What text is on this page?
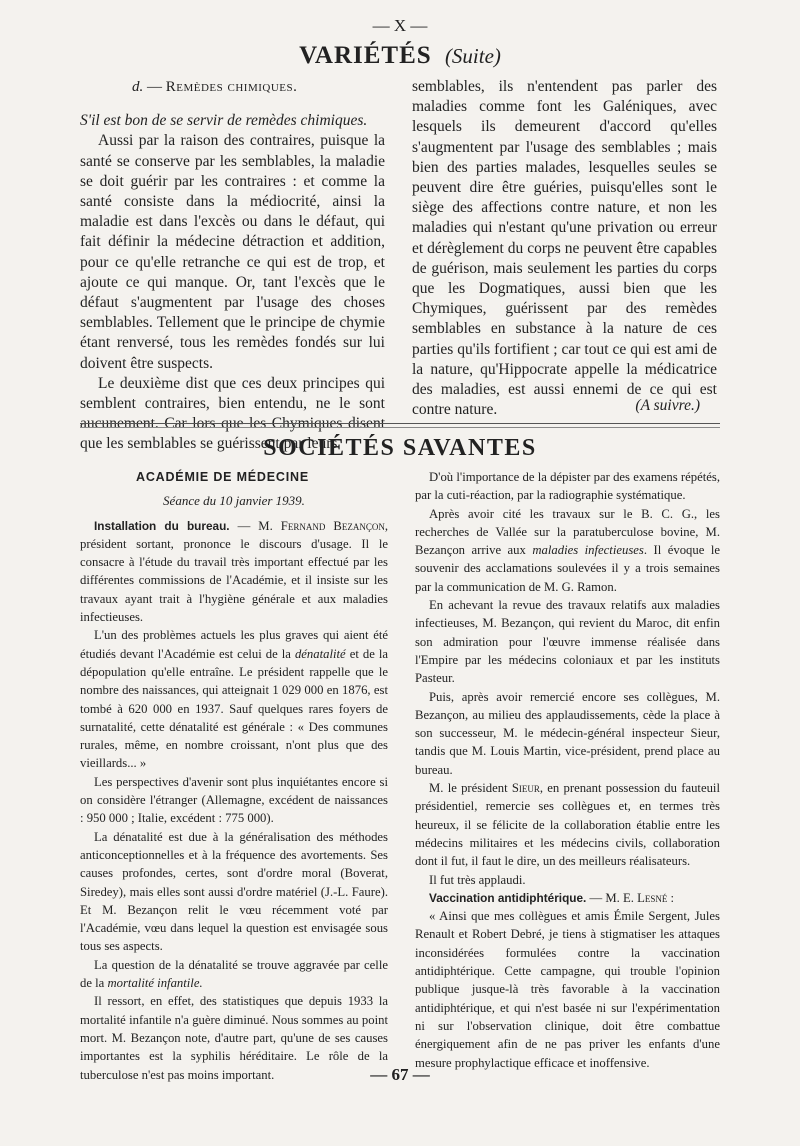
— X —
VARIÉTÉS (Suite)

d. — Remèdes chimiques.

S'il est bon de se servir de remèdes chimiques.

Aussi par la raison des contraires, puisque la santé se conserve par les semblables, la maladie se doit guérir par les contraires : et comme la santé consiste dans la médiocrité, ainsi la maladie est dans l'excès ou dans le défaut, qui fait définir la médecine détraction et addition, pour ce qu'elle retranche ce qui est de trop, et ajoute ce qui manque. Or, tant l'excès que le défaut s'augmentent par l'usage des choses semblables. Tellement que le principe de chymie étant renversé, tous les remèdes fondés sur lui doivent être suspects.

Le deuxième dist que ces deux principes qui semblent contraires, bien entendu, ne le sont aucunement. Car lors que les Chymiques disent que les semblables se guérissent par leurs

semblables, ils n'entendent pas parler des maladies comme font les Galéniques, avec lesquels ils demeurent d'accord qu'elles s'augmentent par l'usage des semblables ; mais bien des parties malades, lesquelles seules se peuvent dire être guéries, puisqu'elles sont le siège des affections contre nature, et non les maladies qui n'estant qu'une privation ou erreur et dérèglement du corps ne peuvent être capables de guérison, mais seulement les parties du corps que les Dogmatiques, aussi bien que les Chymiques, guérissent par des remèdes semblables en substance à la nature de ces parties qu'ils fortifient ; car tout ce qui est ami de la nature, qu'Hippocrate appelle la médicatrice des maladies, est aussi ennemi de ce qui est contre nature.	(A suivre.)
SOCIÉTÉS SAVANTES

ACADÉMIE DE MÉDECINE

Séance du 10 janvier 1939.

Installation du bureau. — M. Fernand Bezançon, président sortant, prononce le discours d'usage. Il le consacre à l'étude du travail très important effectué par les différentes commissions de l'Académie, et il insiste sur les travaux ayant trait à l'hygiène générale et aux maladies infectieuses.

L'un des problèmes actuels les plus graves qui aient été étudiés devant l'Académie est celui de la dénatalité et de la dépopulation qu'elle entraîne. Le président rappelle que le nombre des naissances, qui atteignait 1 029 000 en 1876, est tombé à 620 000 en 1937. Sauf quelques rares foyers de surnatalité, cette dénatalité est générale : « Des communes rurales, même, en nombre croissant, n'ont plus que des vieillards... »

Les perspectives d'avenir sont plus inquiétantes encore si on considère l'étranger (Allemagne, excédent de naissances : 950 000 ; Italie, excédent : 775 000).

La dénatalité est due à la généralisation des méthodes anticonceptionnelles et à la fréquence des avortements. Ses causes profondes, certes, sont d'ordre moral (Boverat, Siredey), mais elles sont aussi d'ordre matériel (J.-L. Faure). Et M. Bezançon relit le vœu récemment voté par l'Académie, vœu dans lequel la question est envisagée sous tous ses aspects.

La question de la dénatalité se trouve aggravée par celle de la mortalité infantile.

Il ressort, en effet, des statistiques que depuis 1933 la mortalité infantile n'a guère diminué. Nous sommes au point mort. M. Bezançon note, d'autre part, qu'une de ses causes importantes est la syphilis héréditaire. Le rôle de la tuberculose n'est pas moins important.

D'où l'importance de la dépister par des examens répétés, par la cuti-réaction, par la radiographie systématique.

Après avoir cité les travaux sur le B. C. G., les recherches de Vallée sur la paratuberculose bovine, M. Bezançon arrive aux maladies infectieuses. Il évoque le souvenir des acclamations soulevées il y a trois semaines par la communication de M. G. Ramon.

En achevant la revue des travaux relatifs aux maladies infectieuses, M. Bezançon, qui revient du Maroc, dit enfin son admiration pour l'œuvre immense réalisée dans l'Empire par les médecins coloniaux et par les instituts Pasteur.

Puis, après avoir remercié encore ses collègues, M. Bezançon, au milieu des applaudissements, cède la place à son successeur, M. le médecin-général inspecteur Sieur, tandis que M. Louis Martin, vice-président, prend place au bureau.

M. le président Sieur, en prenant possession du fauteuil présidentiel, remercie ses collègues et, en termes très heureux, il se félicite de la collaboration établie entre les médecins militaires et les médecins civils, collaboration dont il fut, il faut le dire, un des meilleurs réalisateurs.

Il fut très applaudi.

Vaccination antidiphtérique. — M. E. Lesné :

« Ainsi que mes collègues et amis Émile Sergent, Jules Renault et Robert Debré, je tiens à stigmatiser les attaques inconsidérées formulées contre la vaccination antidiphtérique. Cette campagne, qui trouble l'opinion publique jusque-là très favorable à la vaccination antidiphtérique, et qui n'est basée ni sur l'expérimentation ni sur l'observation clinique, doit être combattue énergiquement afin de ne pas priver les enfants d'une mesure prophylactique efficace et inoffensive.

— 67 —
